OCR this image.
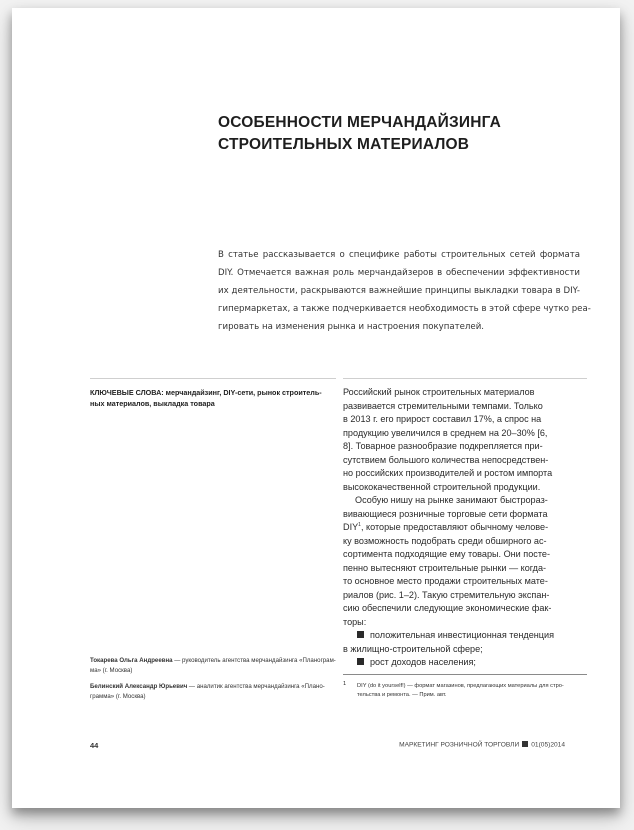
ОСОБЕННОСТИ МЕРЧАНДАЙЗИНГА
СТРОИТЕЛЬНЫХ МАТЕРИАЛОВ
В статье рассказывается о специфике работы строительных сетей формата
DIY. Отмечается важная роль мерчандайзеров в обеспечении эффективности
их деятельности, раскрываются важнейшие принципы выкладки товара в DIY-
гипермаркетах, а также подчеркивается необходимость в этой сфере чутко реа-
гировать на изменения рынка и настроения покупателей.
КЛЮЧЕВЫЕ СЛОВА: мерчандайзинг, DIY-сети, рынок строитель-
ных материалов, выкладка товара
Российский рынок строительных материалов
развивается стремительными темпами. Только
в 2013 г. его прирост составил 17%, а спрос на
продукцию увеличился в среднем на 20–30% [6,
8]. Товарное разнообразие подкрепляется при-
сутствием большого количества непосредствен-
но российских производителей и ростом импорта
высококачественной строительной продукции.
Особую нишу на рынке занимают быстрораз-
вивающиеся розничные торговые сети формата
DIY$^1$, которые предоставляют обычному челове-
ку возможность подобрать среди обширного ас-
сортимента подходящие ему товары. Они посте-
пенно вытесняют строительные рынки — когда-
то основное место продажи строительных мате-
риалов (рис. 1–2). Такую стремительную экспан-
сию обеспечили следующие экономические фак-
торы:
положительная инвестиционная тенденция
в жилищно-строительной сфере;
рост доходов населения;
Токарева Ольга Андреевна — руководитель агентства мерчандайзинга «Планограм-
ма» (г. Москва)
Белинский Александр Юрьевич — аналитик агентства мерчандайзинга «Плано-
грамма» (г. Москва)
1 DIY (do it yourself!) — формат магазинов, предлагающих материалы для стро-
тельства и ремонта. — Прим. авт.
44	МАРКЕТИНГ РОЗНИЧНОЙ ТОРГОВЛИ 01(05)2014
